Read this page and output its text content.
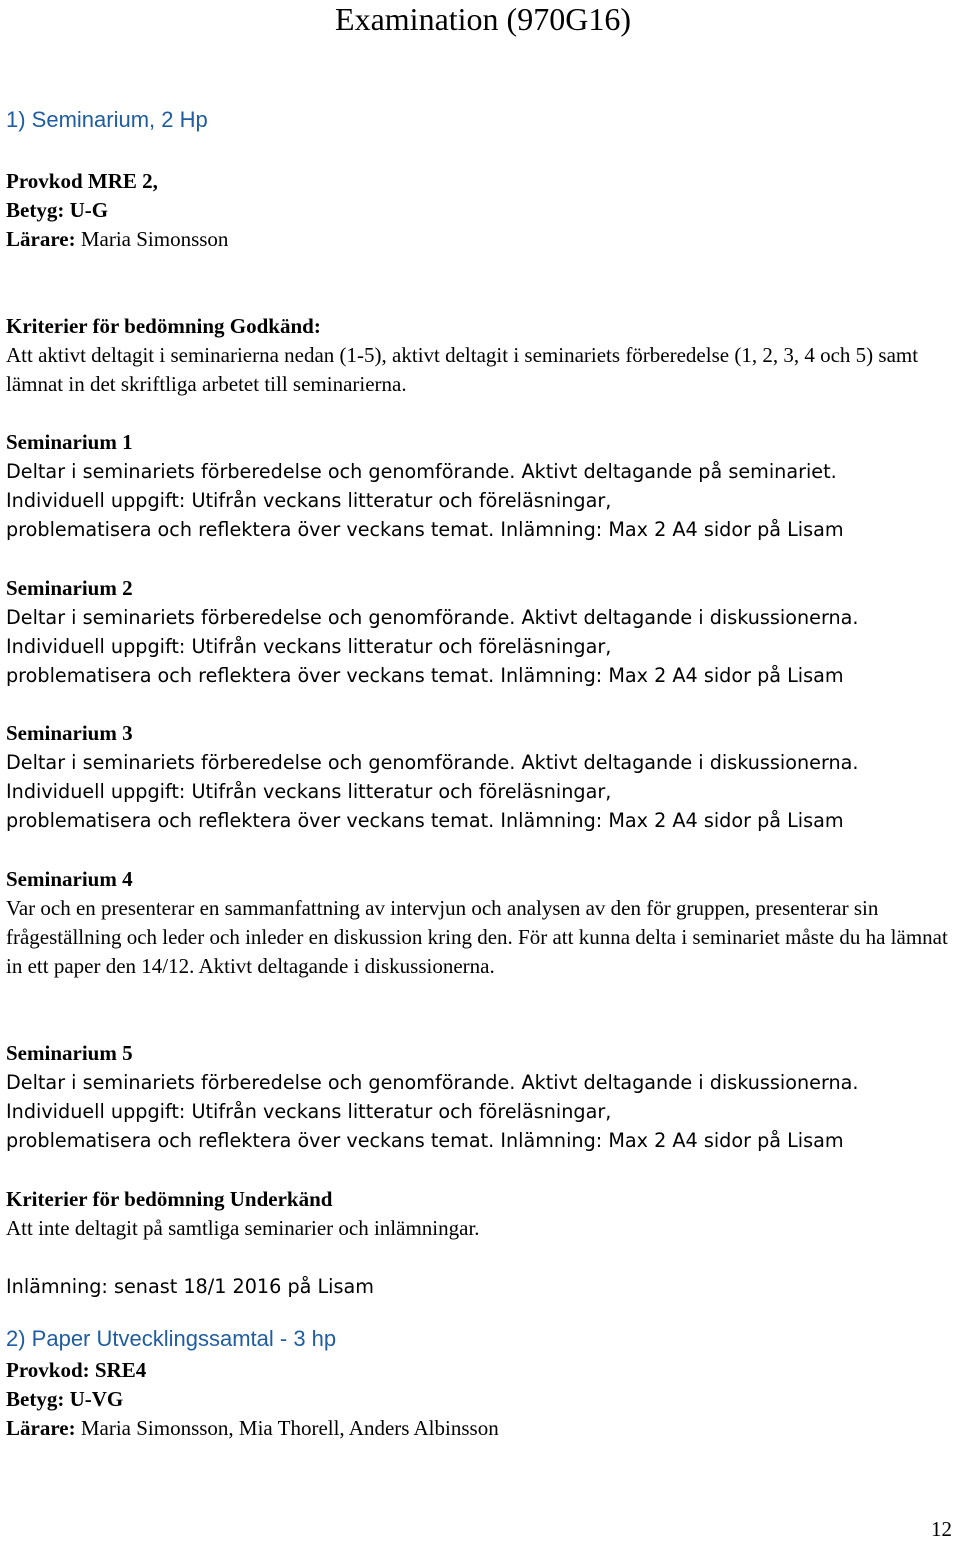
Examination (970G16)
1) Seminarium, 2 Hp
Provkod MRE 2,
Betyg: U-G
Lärare: Maria Simonsson
Kriterier för bedömning Godkänd:
Att aktivt deltagit i seminarierna nedan (1-5), aktivt deltagit i seminariets förberedelse (1, 2, 3, 4 och 5) samt lämnat in det skriftliga arbetet till seminarierna.
Seminarium 1
Deltar i seminariets förberedelse och genomförande. Aktivt deltagande på seminariet.
Individuell uppgift: Utifrån veckans litteratur och föreläsningar,
problematisera och reflektera över veckans temat. Inlämning: Max 2 A4 sidor på Lisam
Seminarium 2
Deltar i seminariets förberedelse och genomförande. Aktivt deltagande i diskussionerna.
Individuell uppgift: Utifrån veckans litteratur och föreläsningar,
problematisera och reflektera över veckans temat. Inlämning: Max 2 A4 sidor på Lisam
Seminarium 3
Deltar i seminariets förberedelse och genomförande. Aktivt deltagande i diskussionerna.
Individuell uppgift: Utifrån veckans litteratur och föreläsningar,
problematisera och reflektera över veckans temat. Inlämning: Max 2 A4 sidor på Lisam
Seminarium 4
Var och en presenterar en sammanfattning av intervjun och analysen av den för gruppen, presenterar sin frågeställning och leder och inleder en diskussion kring den. För att kunna delta i seminariet måste du ha lämnat in ett paper den 14/12. Aktivt deltagande i diskussionerna.
Seminarium 5
Deltar i seminariets förberedelse och genomförande. Aktivt deltagande i diskussionerna.
Individuell uppgift: Utifrån veckans litteratur och föreläsningar,
problematisera och reflektera över veckans temat. Inlämning: Max 2 A4 sidor på Lisam
Kriterier för bedömning Underkänd
Att inte deltagit på samtliga seminarier och inlämningar.
Inlämning: senast 18/1 2016 på Lisam
2) Paper Utvecklingssamtal - 3 hp
Provkod: SRE4
Betyg: U-VG
Lärare: Maria Simonsson, Mia Thorell, Anders Albinsson
12
